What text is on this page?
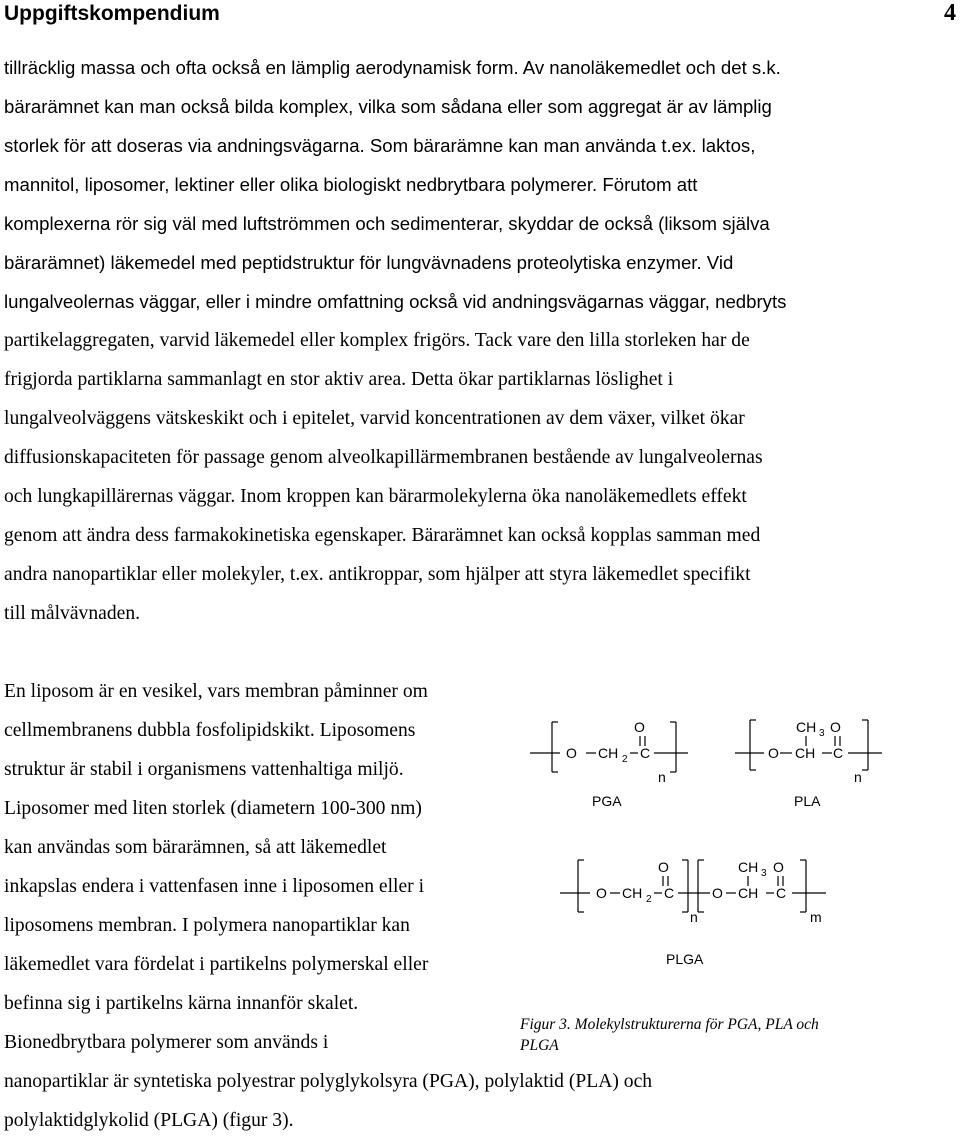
Uppgiftskompendium	4
tillräcklig massa och ofta också en lämplig aerodynamisk form. Av nanoläkemedlet och det s.k.
bärarämnet kan man också bilda komplex, vilka som sådana eller som aggregat är av lämplig
storlek för att doseras via andningsvägarna. Som bärarämne kan man använda t.ex. laktos,
mannitol, liposomer, lektiner eller olika biologiskt nedbrytbara polymerer. Förutom att
komplexerna rör sig väl med luftströmmen och sedimenterar, skyddar de också (liksom själva
bärarämnet) läkemedel med peptidstruktur för lungvävnadens proteolytiska enzymer. Vid
lungalveolernas väggar, eller i mindre omfattning också vid andningsvägarnas väggar, nedbryts
partikelaggregaten, varvid läkemedel eller komplex frigörs. Tack vare den lilla storleken har de
frigjorda partiklarna sammanlagt en stor aktiv area. Detta ökar partiklarnas löslighet i
lungalveolväggens vätskeskikt och i epitelet, varvid koncentrationen av dem växer, vilket ökar
diffusionskapaciteten för passage genom alveolkapillärmembranen bestående av lungalveolernas
och lungkapillärernas väggar. Inom kroppen kan bärarmolekylerna öka nanoläkemedlets effekt
genom att ändra dess farmakokinetiska egenskaper. Bärarämnet kan också kopplas samman med
andra nanopartiklar eller molekyler, t.ex. antikroppar, som hjälper att styra läkemedlet specifikt
till målvävnaden.
En liposom är en vesikel, vars membran påminner om
cellmembranens dubbla fosfolipidskikt. Liposomens
struktur är stabil i organismens vattenhaltiga miljö.
Liposomer med liten storlek (diametern 100-300 nm)
kan användas som bärarämnen, så att läkemedlet
inkapslas endera i vattenfasen inne i liposomen eller i
liposomens membran. I polymera nanopartiklar kan
läkemedlet vara fördelat i partikelns polymerskal eller
befinna sig i partikelns kärna innanför skalet.
Bionedbrytbara polymerer som används i
nanopartiklar är syntetiska polyestrar polyglykolsyra (PGA), polylaktid (PLA) och
polylaktidglykolid (PLGA) (figur 3).
O
O CH 2 C
n
PGA
CH 3 O
O CH C
n
PLA
O	CH 3 O
O CH 2 C	O CH C
n	m
PLGA
Figur 3. Molekylstrukturerna för PGA, PLA och PLGA
